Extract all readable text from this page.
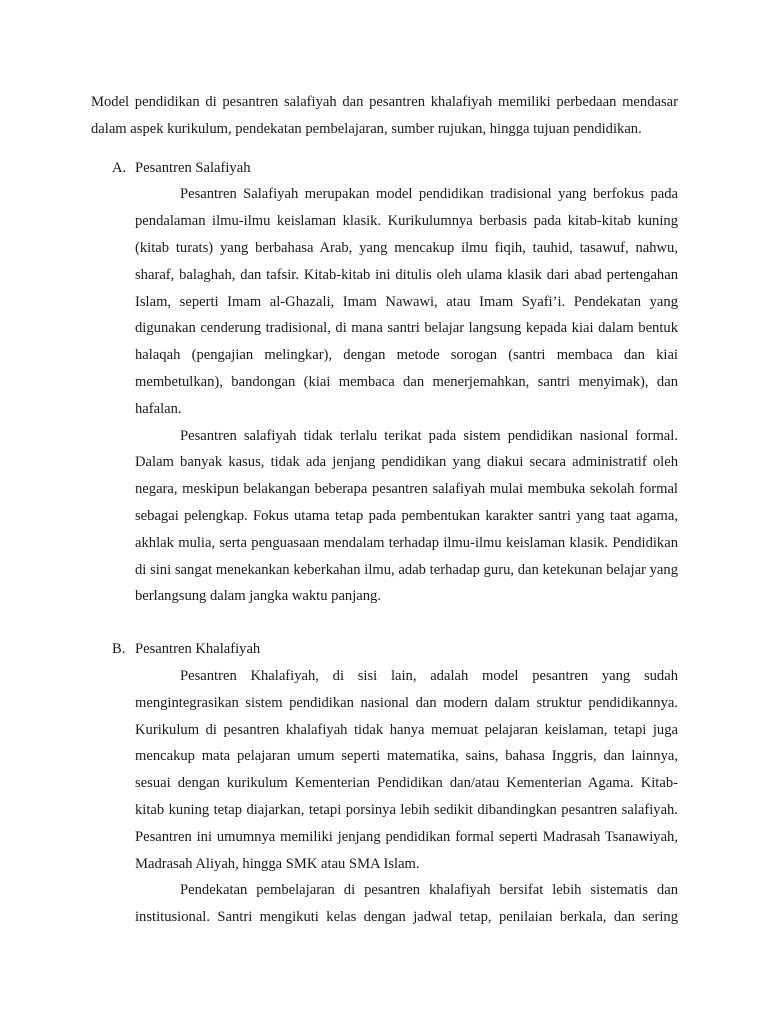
Model pendidikan di pesantren salafiyah dan pesantren khalafiyah memiliki perbedaan mendasar dalam aspek kurikulum, pendekatan pembelajaran, sumber rujukan, hingga tujuan pendidikan.

A. Pesantren Salafiyah

Pesantren Salafiyah merupakan model pendidikan tradisional yang berfokus pada pendalaman ilmu-ilmu keislaman klasik. Kurikulumnya berbasis pada kitab-kitab kuning (kitab turats) yang berbahasa Arab, yang mencakup ilmu fiqih, tauhid, tasawuf, nahwu, sharaf, balaghah, dan tafsir. Kitab-kitab ini ditulis oleh ulama klasik dari abad pertengahan Islam, seperti Imam al-Ghazali, Imam Nawawi, atau Imam Syafi’i. Pendekatan yang digunakan cenderung tradisional, di mana santri belajar langsung kepada kiai dalam bentuk halaqah (pengajian melingkar), dengan metode sorogan (santri membaca dan kiai membetulkan), bandongan (kiai membaca dan menerjemahkan, santri menyimak), dan hafalan.

Pesantren salafiyah tidak terlalu terikat pada sistem pendidikan nasional formal. Dalam banyak kasus, tidak ada jenjang pendidikan yang diakui secara administratif oleh negara, meskipun belakangan beberapa pesantren salafiyah mulai membuka sekolah formal sebagai pelengkap. Fokus utama tetap pada pembentukan karakter santri yang taat agama, akhlak mulia, serta penguasaan mendalam terhadap ilmu-ilmu keislaman klasik. Pendidikan di sini sangat menekankan keberkahan ilmu, adab terhadap guru, dan ketekunan belajar yang berlangsung dalam jangka waktu panjang.

B. Pesantren Khalafiyah

Pesantren Khalafiyah, di sisi lain, adalah model pesantren yang sudah mengintegrasikan sistem pendidikan nasional dan modern dalam struktur pendidikannya. Kurikulum di pesantren khalafiyah tidak hanya memuat pelajaran keislaman, tetapi juga mencakup mata pelajaran umum seperti matematika, sains, bahasa Inggris, dan lainnya, sesuai dengan kurikulum Kementerian Pendidikan dan/atau Kementerian Agama. Kitab-kitab kuning tetap diajarkan, tetapi porsinya lebih sedikit dibandingkan pesantren salafiyah. Pesantren ini umumnya memiliki jenjang pendidikan formal seperti Madrasah Tsanawiyah, Madrasah Aliyah, hingga SMK atau SMA Islam.

Pendekatan pembelajaran di pesantren khalafiyah bersifat lebih sistematis dan institusional. Santri mengikuti kelas dengan jadwal tetap, penilaian berkala, dan sering
